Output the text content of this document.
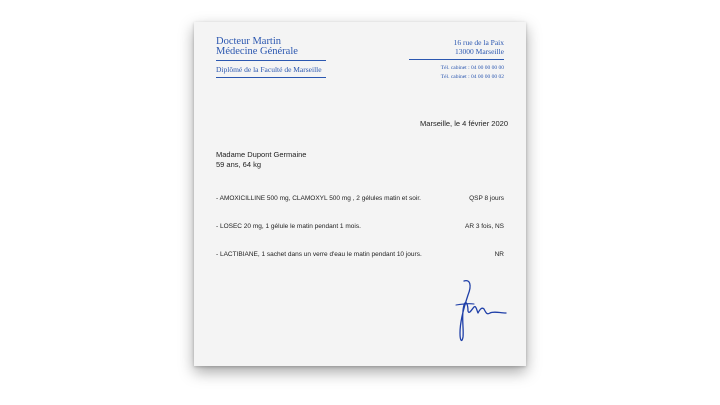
Docteur Martin
Médecine Générale
Diplômé de la Faculté de Marseille
16 rue de la Paix
13000 Marseille
Tél. cabinet : 04 00 00 00 00
Tél. cabinet : 04 00 00 00 02
Marseille, le 4 février 2020
Madame Dupont Germaine
59 ans, 64 kg
- AMOXICILLINE 500 mg, CLAMOXYL 500 mg , 2 gélules matin et soir.	QSP 8 jours
- LOSEC 20 mg, 1 gélule le matin pendant 1 mois.	AR 3 fois, NS
- LACTIBIANE, 1 sachet dans un verre d'eau le matin pendant 10 jours.	NR
